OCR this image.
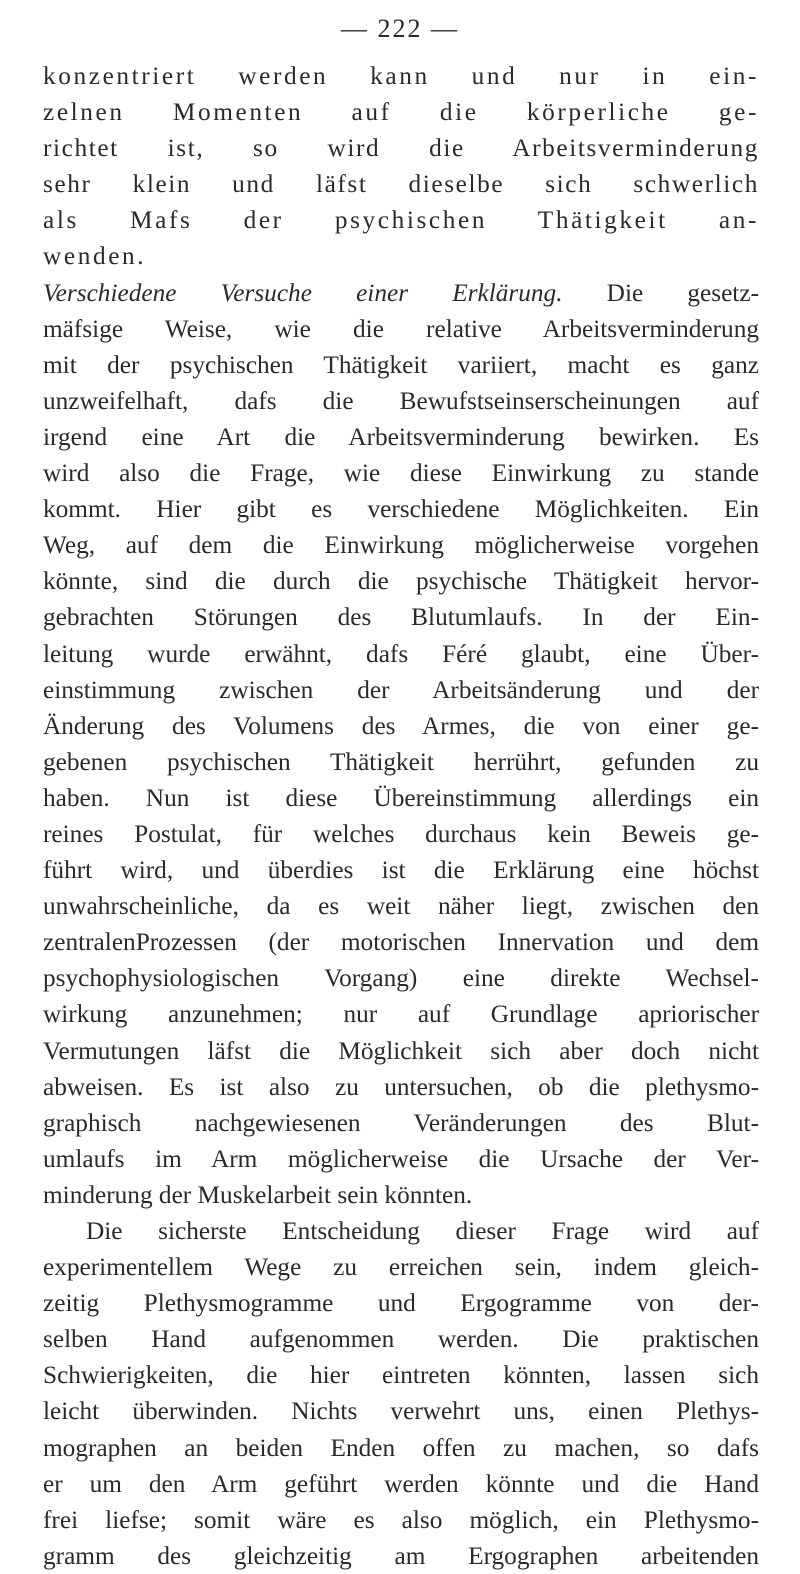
— 222 —
konzentriert werden kann und nur in ein-
zelnen Momenten auf die körperliche ge-
richtet ist, so wird die Arbeitsverminderung
sehr klein und läfst dieselbe sich schwerlich
als Mafs der psychischen Thätigkeit an-
wenden.
Verschiedene Versuche einer Erklärung. Die gesetz-
mäfsige Weise, wie die relative Arbeitsverminderung
mit der psychischen Thätigkeit variiert, macht es ganz
unzweifelhaft, dafs die Bewufstseinserscheinungen auf
irgend eine Art die Arbeitsverminderung bewirken. Es
wird also die Frage, wie diese Einwirkung zu stande
kommt. Hier gibt es verschiedene Möglichkeiten. Ein
Weg, auf dem die Einwirkung möglicherweise vorgehen
könnte, sind die durch die psychische Thätigkeit hervor-
gebrachten Störungen des Blutumlaufs. In der Ein-
leitung wurde erwähnt, dafs Féré glaubt, eine Über-
einstimmung zwischen der Arbeitsänderung und der
Änderung des Volumens des Armes, die von einer ge-
gebenen psychischen Thätigkeit herrührt, gefunden zu
haben. Nun ist diese Übereinstimmung allerdings ein
reines Postulat, für welches durchaus kein Beweis ge-
führt wird, und überdies ist die Erklärung eine höchst
unwahrscheinliche, da es weit näher liegt, zwischen den
zentralenProzessen (der motorischen Innervation und dem
psychophysiologischen Vorgang) eine direkte Wechsel-
wirkung anzunehmen; nur auf Grundlage apriorischer
Vermutungen läfst die Möglichkeit sich aber doch nicht
abweisen. Es ist also zu untersuchen, ob die plethysmo-
graphisch nachgewiesenen Veränderungen des Blut-
umlaufs im Arm möglicherweise die Ursache der Ver-
minderung der Muskelarbeit sein könnten.
Die sicherste Entscheidung dieser Frage wird auf
experimentellem Wege zu erreichen sein, indem gleich-
zeitig Plethysmogramme und Ergogramme von der-
selben Hand aufgenommen werden. Die praktischen
Schwierigkeiten, die hier eintreten könnten, lassen sich
leicht überwinden. Nichts verwehrt uns, einen Plethys-
mographen an beiden Enden offen zu machen, so dafs
er um den Arm geführt werden könnte und die Hand
frei liefse; somit wäre es also möglich, ein Plethysmo-
gramm des gleichzeitig am Ergographen arbeitenden
